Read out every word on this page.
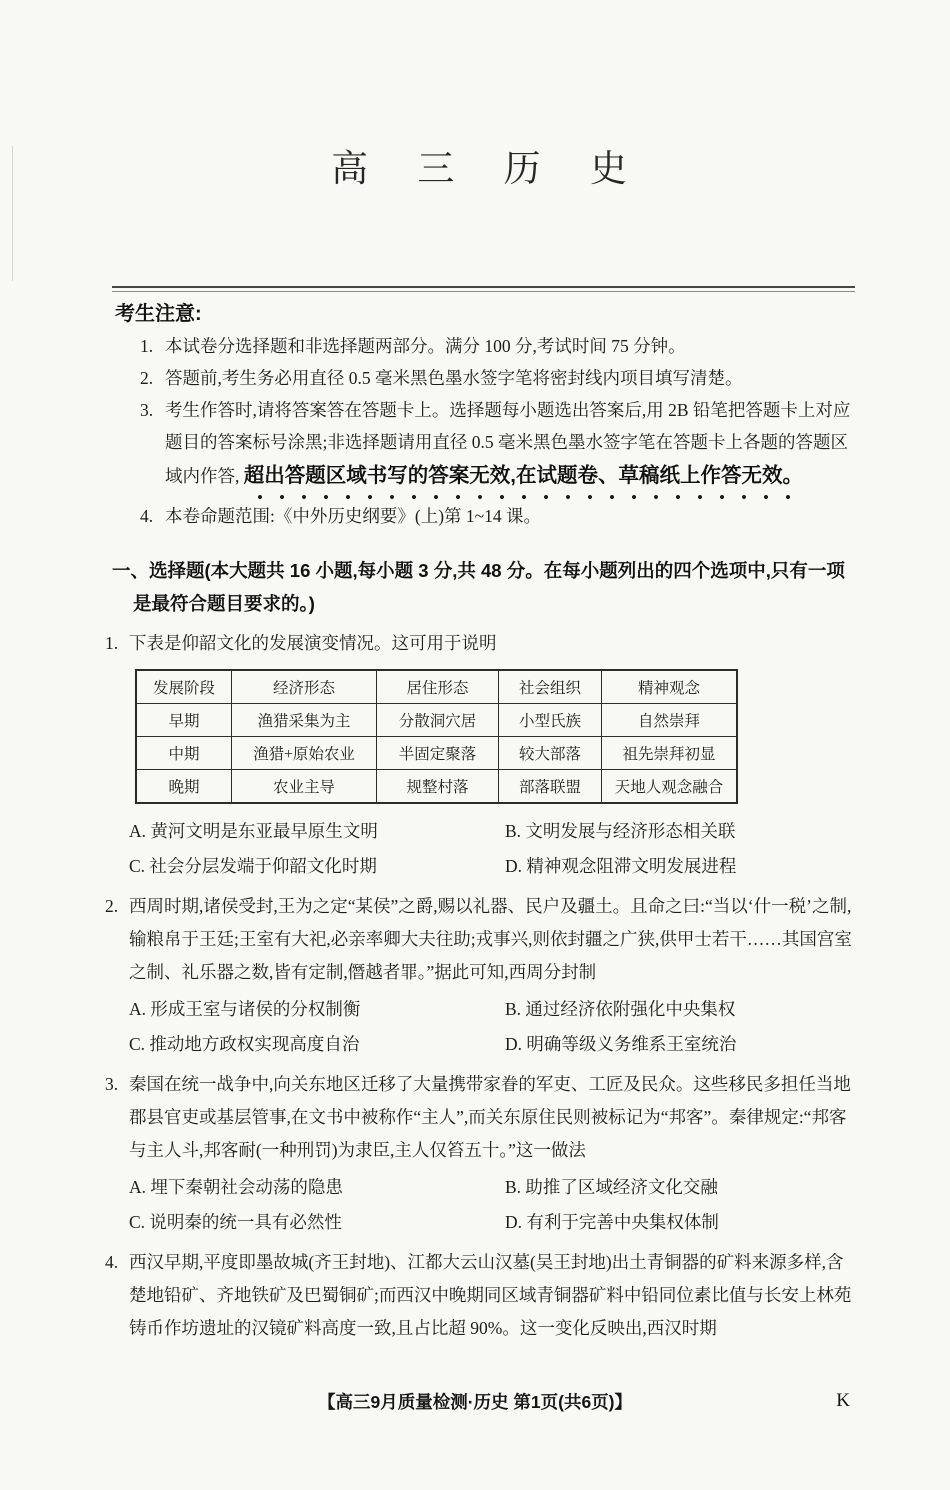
高 三 历 史
考生注意:
1. 本试卷分选择题和非选择题两部分。满分 100 分,考试时间 75 分钟。
2. 答题前,考生务必用直径 0.5 毫米黑色墨水签字笔将密封线内项目填写清楚。
3. 考生作答时,请将答案答在答题卡上。选择题每小题选出答案后,用 2B 铅笔把答题卡上对应题目的答案标号涂黑;非选择题请用直径 0.5 毫米黑色墨水签字笔在答题卡上各题的答题区域内作答, 超出答题区域书写的答案无效,在试题卷、草稿纸上作答无效。
4. 本卷命题范围:《中外历史纲要》(上)第 1~14 课。
一、选择题(本大题共 16 小题,每小题 3 分,共 48 分。在每小题列出的四个选项中,只有一项是最符合题目要求的。)
1. 下表是仰韶文化的发展演变情况。这可用于说明
发展阶段	经济形态	居住形态	社会组织	精神观念
早期	渔猎采集为主	分散洞穴居	小型氏族	自然崇拜
中期	渔猎+原始农业	半固定聚落	较大部落	祖先崇拜初显
晚期	农业主导	规整村落	部落联盟	天地人观念融合
A. 黄河文明是东亚最早原生文明	B. 文明发展与经济形态相关联
C. 社会分层发端于仰韶文化时期	D. 精神观念阻滞文明发展进程
2. 西周时期,诸侯受封,王为之定“某侯”之爵,赐以礼器、民户及疆土。且命之曰:“当以‘什一税’之制,输粮帛于王廷;王室有大祀,必亲率卿大夫往助;戎事兴,则依封疆之广狭,供甲士若干……其国宫室之制、礼乐器之数,皆有定制,僭越者罪。”据此可知,西周分封制
A. 形成王室与诸侯的分权制衡	B. 通过经济依附强化中央集权
C. 推动地方政权实现高度自治	D. 明确等级义务维系王室统治
3. 秦国在统一战争中,向关东地区迁移了大量携带家眷的军吏、工匠及民众。这些移民多担任当地郡县官吏或基层管事,在文书中被称作“主人”,而关东原住民则被标记为“邦客”。秦律规定:“邦客与主人斗,邦客耐(一种刑罚)为隶臣,主人仅笞五十。”这一做法
A. 埋下秦朝社会动荡的隐患	B. 助推了区域经济文化交融
C. 说明秦的统一具有必然性	D. 有利于完善中央集权体制
4. 西汉早期,平度即墨故城(齐王封地)、江都大云山汉墓(吴王封地)出土青铜器的矿料来源多样,含楚地铅矿、齐地铁矿及巴蜀铜矿;而西汉中晚期同区域青铜器矿料中铅同位素比值与长安上林苑铸币作坊遗址的汉镜矿料高度一致,且占比超 90%。这一变化反映出,西汉时期
【高三9月质量检测·历史 第1页(共6页)】	K
